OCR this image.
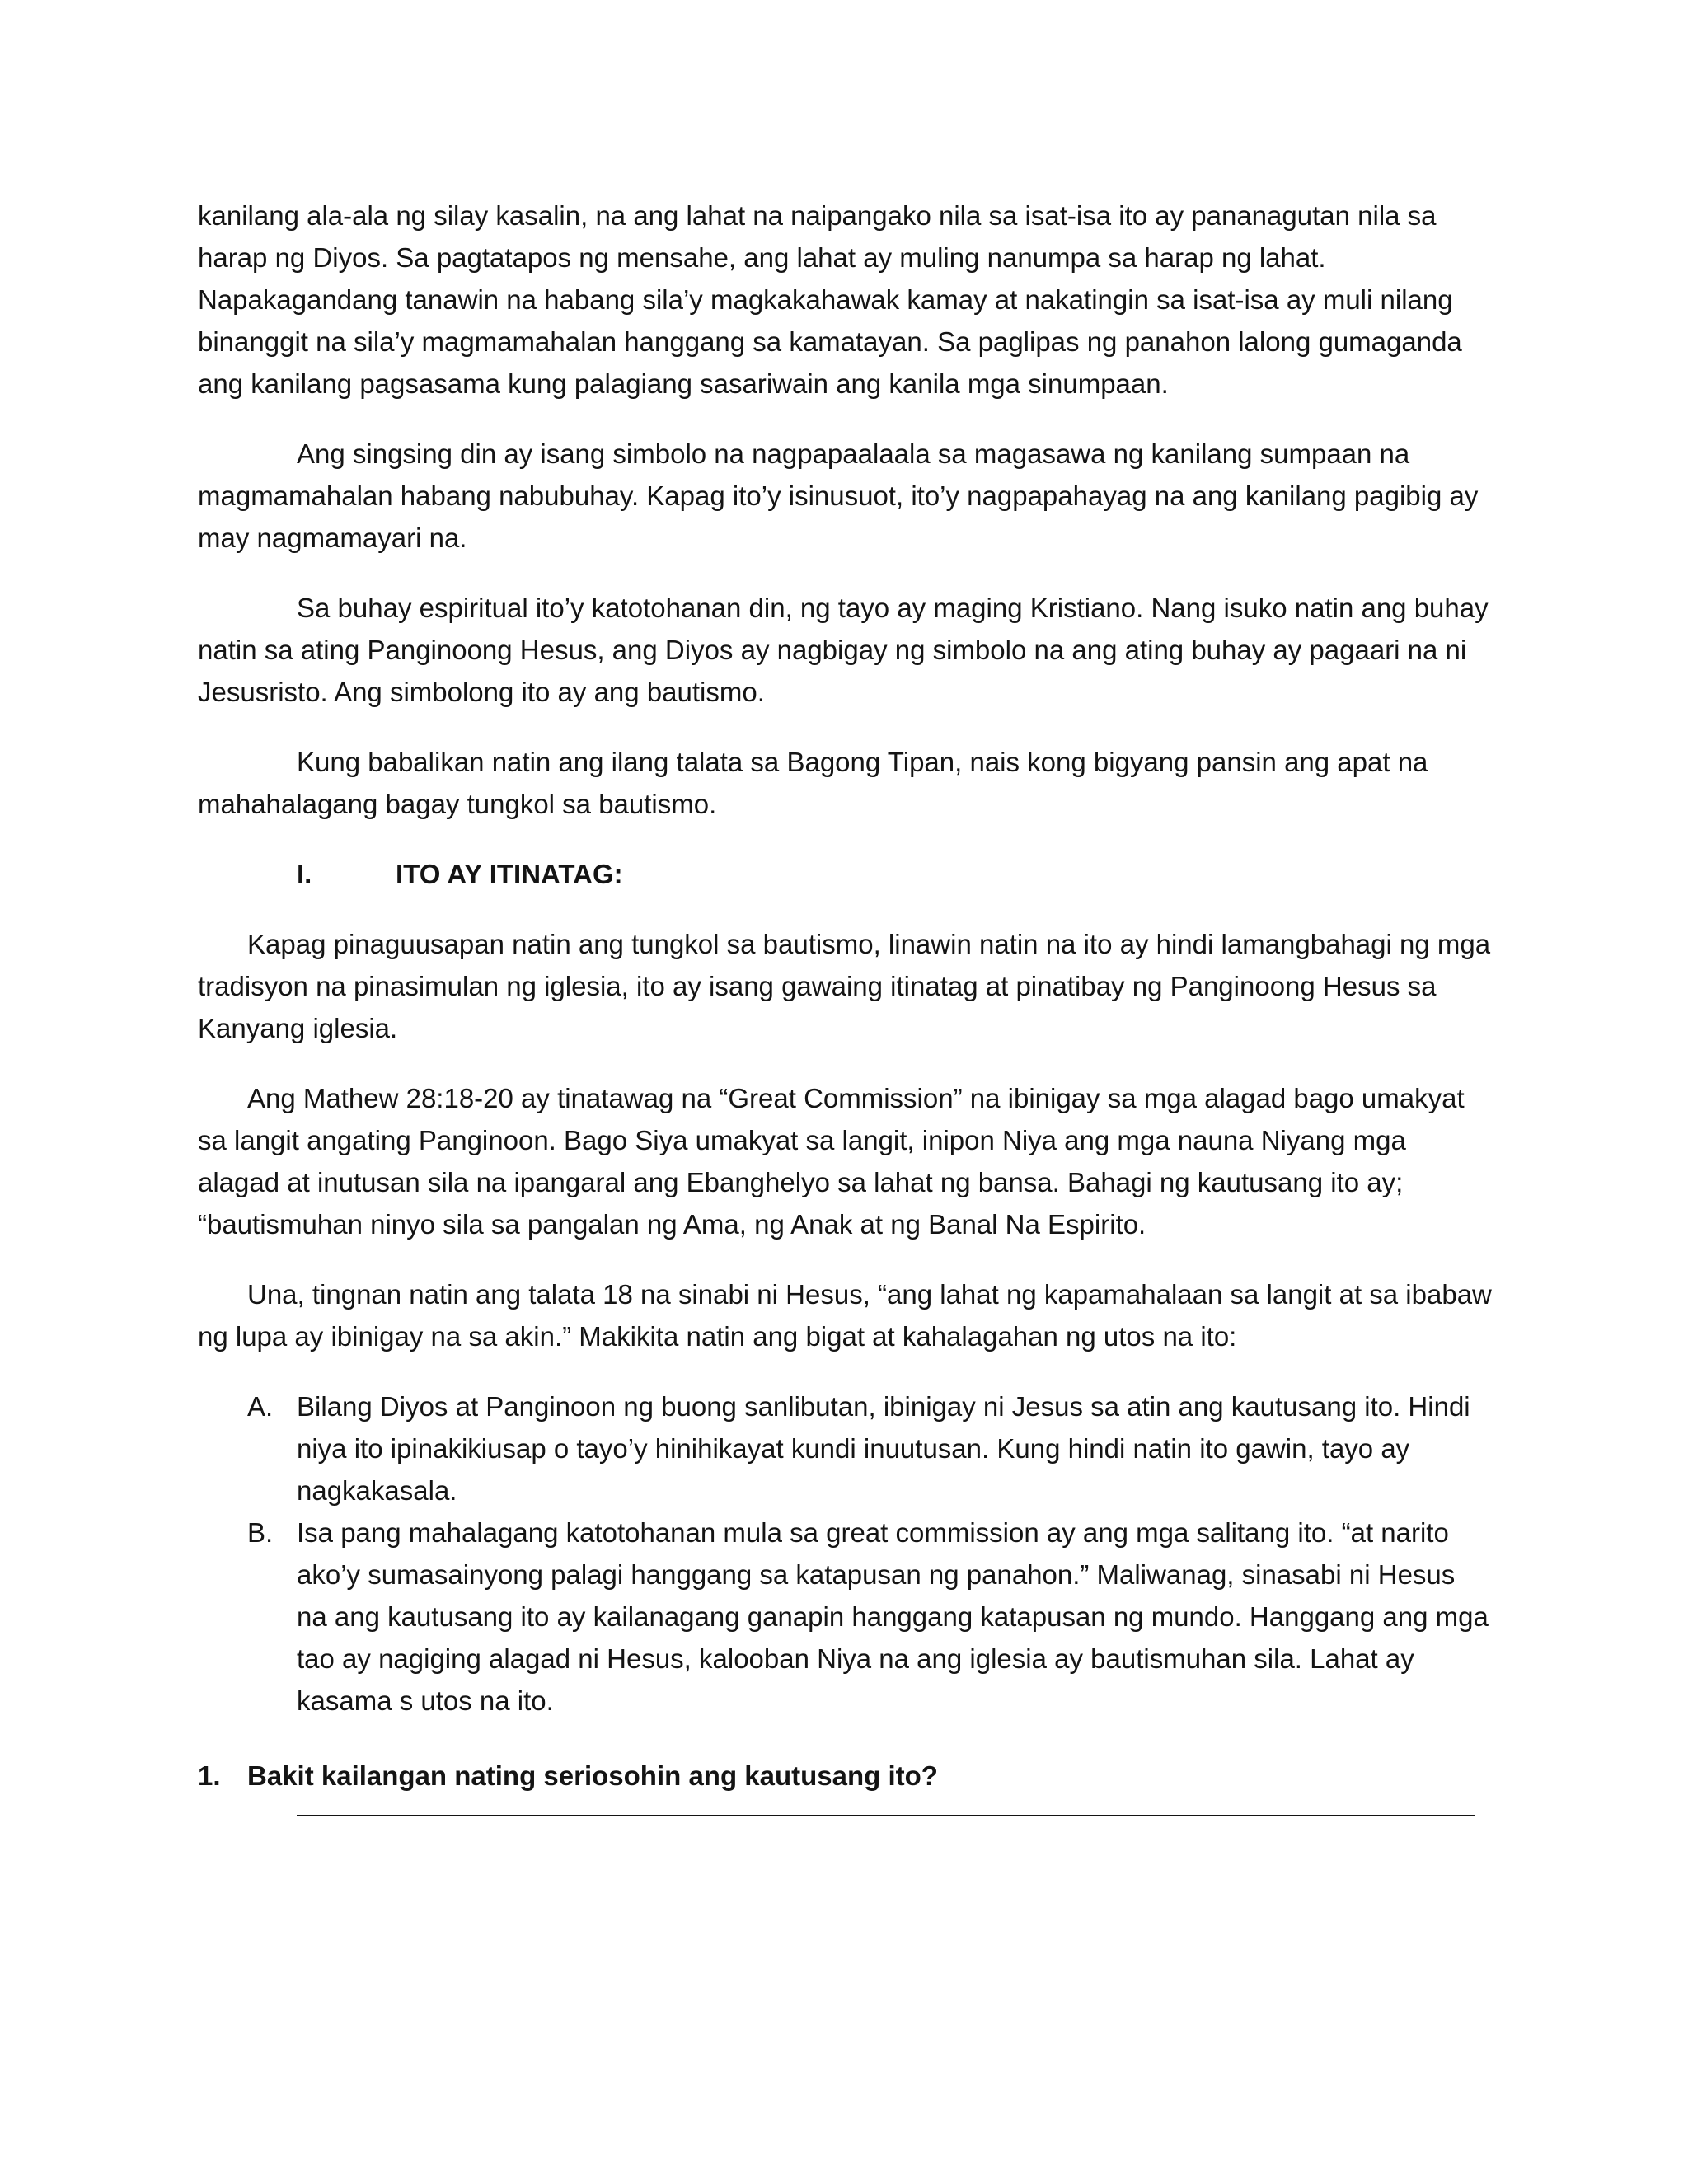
kanilang ala-ala ng silay kasalin, na ang lahat na naipangako nila sa isat-isa ito ay pananagutan nila sa harap ng Diyos. Sa pagtatapos ng mensahe, ang lahat ay muling nanumpa sa harap ng lahat. Napakagandang tanawin na habang sila’y magkakahawak kamay at nakatingin sa isat-isa ay muli nilang binanggit na sila’y magmamahalan hanggang sa kamatayan. Sa paglipas ng panahon lalong gumaganda ang kanilang pagsasama kung palagiang sasariwain ang kanila mga sinumpaan.

Ang singsing din ay isang simbolo na nagpapaalaala sa magasawa ng kanilang sumpaan na magmamahalan habang nabubuhay. Kapag ito’y isinusuot, ito’y nagpapahayag na ang kanilang pagibig ay may nagmamayari na.

Sa buhay espiritual ito’y katotohanan din, ng tayo ay maging Kristiano. Nang isuko natin ang buhay natin sa ating Panginoong Hesus, ang Diyos ay nagbigay ng simbolo na ang ating buhay ay pagaari na ni Jesusristo. Ang simbolong ito ay ang bautismo.

Kung babalikan natin ang ilang talata sa Bagong Tipan, nais kong bigyang pansin ang apat na mahahalagang bagay tungkol sa bautismo.

I.	ITO AY ITINATAG:

Kapag pinaguusapan natin ang tungkol sa bautismo, linawin natin na ito ay hindi lamangbahagi ng mga tradisyon na pinasimulan ng iglesia, ito ay isang gawaing itinatag at pinatibay ng Panginoong Hesus sa Kanyang iglesia.

Ang Mathew 28:18-20 ay tinatawag na “Great Commission” na ibinigay sa mga alagad bago umakyat sa langit angating Panginoon. Bago Siya umakyat sa langit, inipon Niya ang mga nauna Niyang mga alagad at inutusan sila na ipangaral ang Ebanghelyo sa lahat ng bansa. Bahagi ng kautusang ito ay; “bautismuhan ninyo sila sa pangalan ng Ama, ng Anak at ng Banal Na Espirito.

Una, tingnan natin ang talata 18 na sinabi ni Hesus, “ang lahat ng kapamahalaan sa langit at sa ibabaw ng lupa ay ibinigay na sa akin.” Makikita natin ang bigat at kahalagahan ng utos na ito:

A. Bilang Diyos at Panginoon ng buong sanlibutan, ibinigay ni Jesus sa atin ang kautusang ito. Hindi niya ito ipinakikiusap o tayo’y hinihikayat kundi inuutusan. Kung hindi natin ito gawin, tayo ay nagkakasala.
B. Isa pang mahalagang katotohanan mula sa great commission ay ang mga salitang ito. “at narito ako’y sumasainyong palagi hanggang sa katapusan ng panahon.” Maliwanag, sinasabi ni Hesus na ang kautusang ito ay kailanagang ganapin hanggang katapusan ng mundo. Hanggang ang mga tao ay nagiging alagad ni Hesus, kalooban Niya na ang iglesia ay bautismuhan sila. Lahat ay kasama s utos na ito.
1. Bakit kailangan nating seriosohin ang kautusang ito?
